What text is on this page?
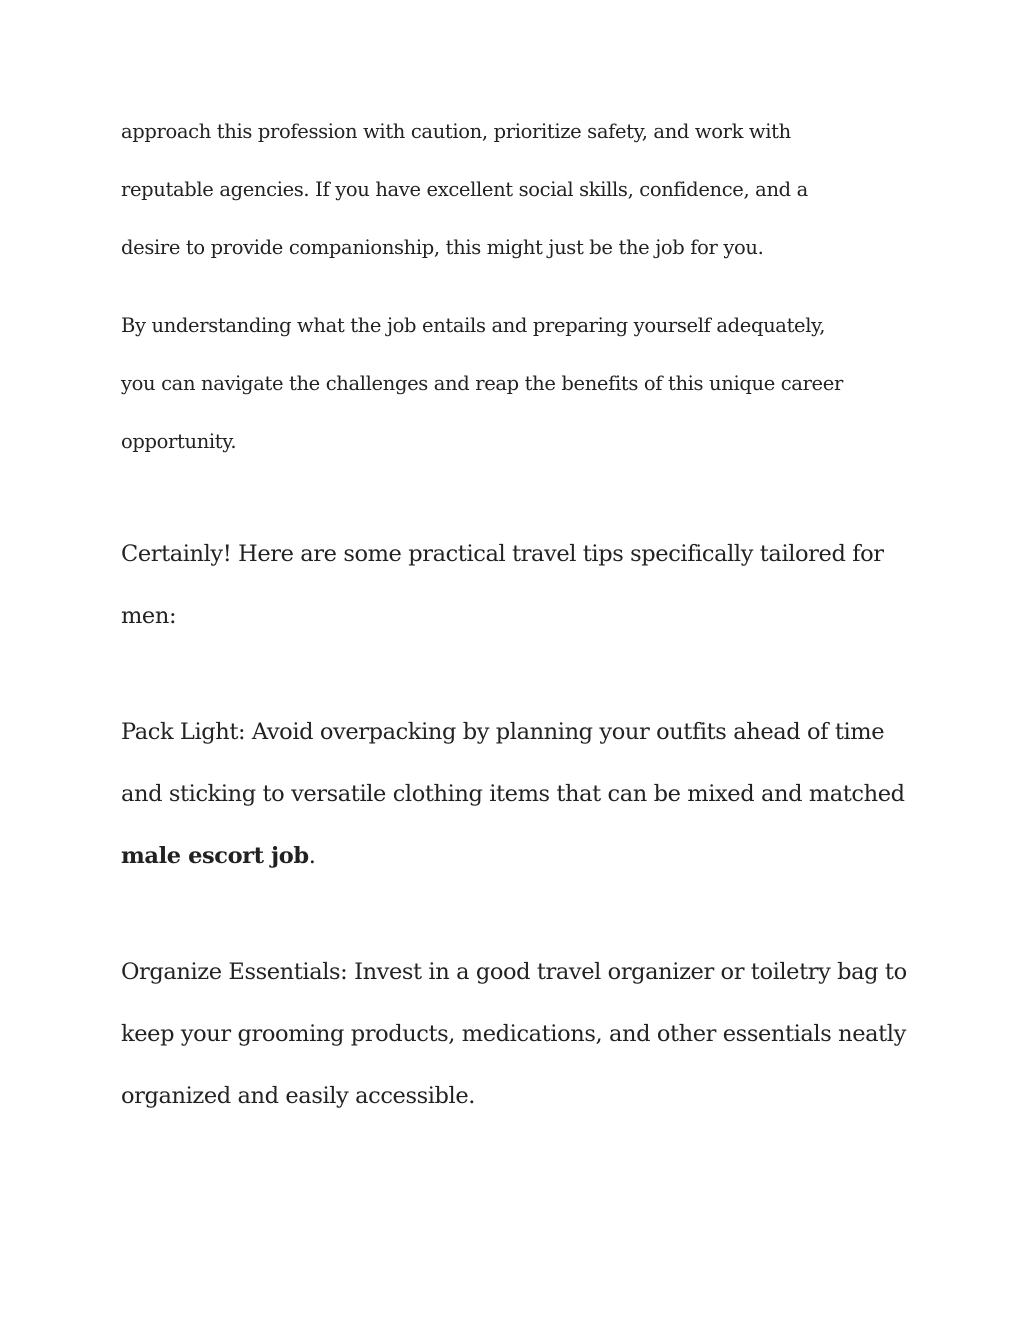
approach this profession with caution, prioritize safety, and work with

reputable agencies. If you have excellent social skills, confidence, and a

desire to provide companionship, this might just be the job for you.

By understanding what the job entails and preparing yourself adequately,

you can navigate the challenges and reap the benefits of this unique career

opportunity.

Certainly! Here are some practical travel tips specifically tailored for

men:

Pack Light: Avoid overpacking by planning your outfits ahead of time

and sticking to versatile clothing items that can be mixed and matched

male escort job.

Organize Essentials: Invest in a good travel organizer or toiletry bag to

keep your grooming products, medications, and other essentials neatly

organized and easily accessible.
